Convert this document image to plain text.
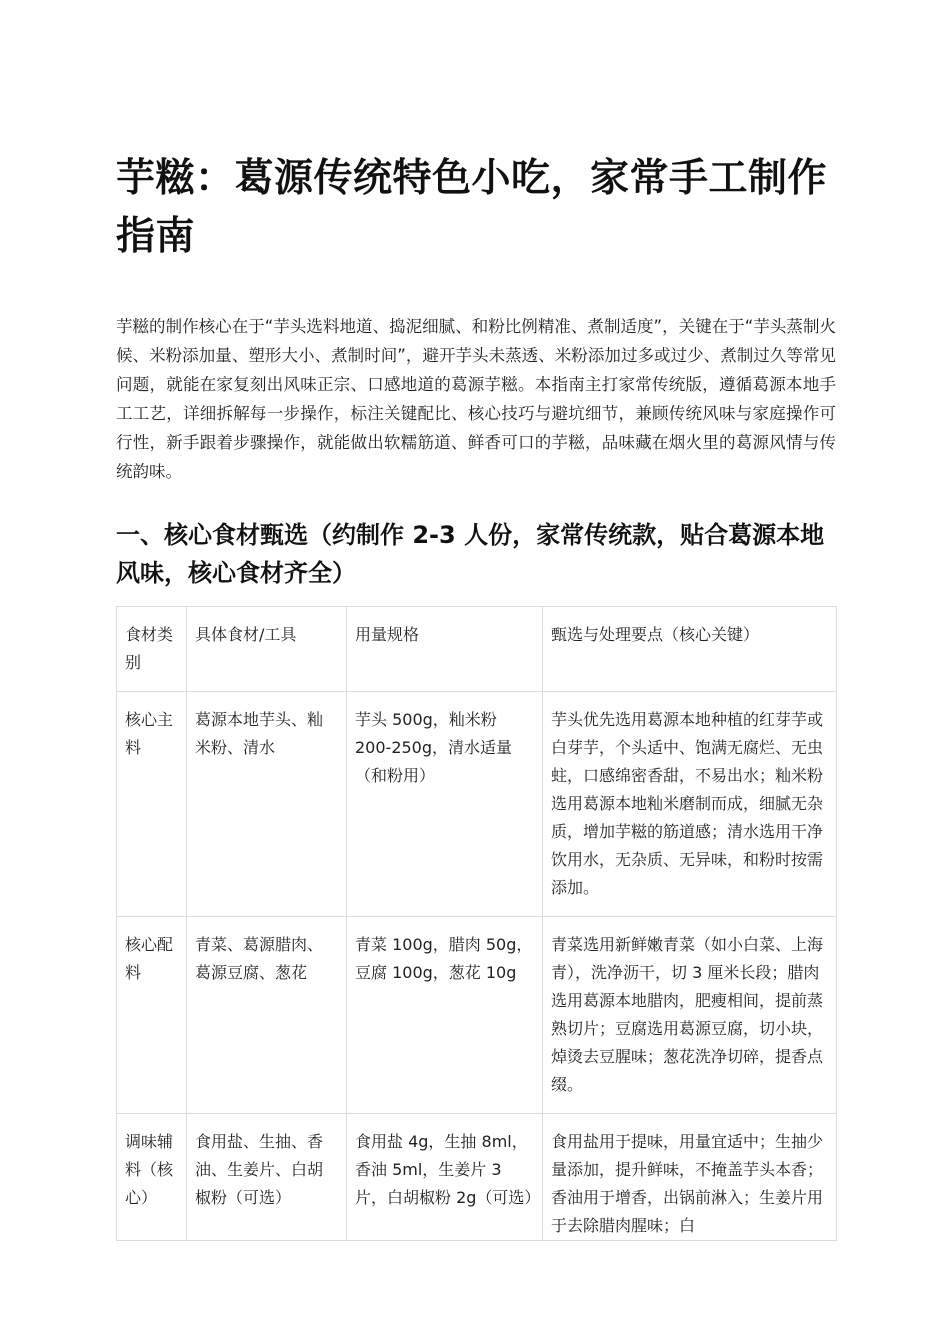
芋糍：葛源传统特色小吃，家常手工制作指南

芋糍的制作核心在于“芋头选料地道、捣泥细腻、和粉比例精准、煮制适度”，关键在于“芋头蒸制火候、米粉添加量、塑形大小、煮制时间”，避开芋头未蒸透、米粉添加过多或过少、煮制过久等常见问题，就能在家复刻出风味正宗、口感地道的葛源芋糍。本指南主打家常传统版，遵循葛源本地手工工艺，详细拆解每一步操作，标注关键配比、核心技巧与避坑细节，兼顾传统风味与家庭操作可行性，新手跟着步骤操作，就能做出软糯筋道、鲜香可口的芋糍，品味藏在烟火里的葛源风情与传统韵味。

一、核心食材甄选（约制作 2-3 人份，家常传统款，贴合葛源本地风味，核心食材齐全）
食材类别	具体食材/工具	用量规格	甄选与处理要点（核心关键）
核心主料	葛源本地芋头、籼米粉、清水	芋头 500g，籼米粉 200-250g，清水适量（和粉用）	芋头优先选用葛源本地种植的红芽芋或白芽芋，个头适中、饱满无腐烂、无虫蛀，口感绵密香甜，不易出水；籼米粉选用葛源本地籼米磨制而成，细腻无杂质，增加芋糍的筋道感；清水选用干净饮用水，无杂质、无异味，和粉时按需添加。
核心配料	青菜、葛源腊肉、葛源豆腐、葱花	青菜 100g，腊肉 50g，豆腐 100g，葱花 10g	青菜选用新鲜嫩青菜（如小白菜、上海青），洗净沥干，切 3 厘米长段；腊肉选用葛源本地腊肉，肥瘦相间，提前蒸熟切片；豆腐选用葛源豆腐，切小块，焯烫去豆腥味；葱花洗净切碎，提香点缀。
调味辅料（核心）	食用盐、生抽、香油、生姜片、白胡椒粉（可选）	食用盐 4g，生抽 8ml，香油 5ml，生姜片 3 片，白胡椒粉 2g（可选）	食用盐用于提味，用量宜适中；生抽少量添加，提升鲜味，不掩盖芋头本香；香油用于增香，出锅前淋入；生姜片用于去除腊肉腥味；白
